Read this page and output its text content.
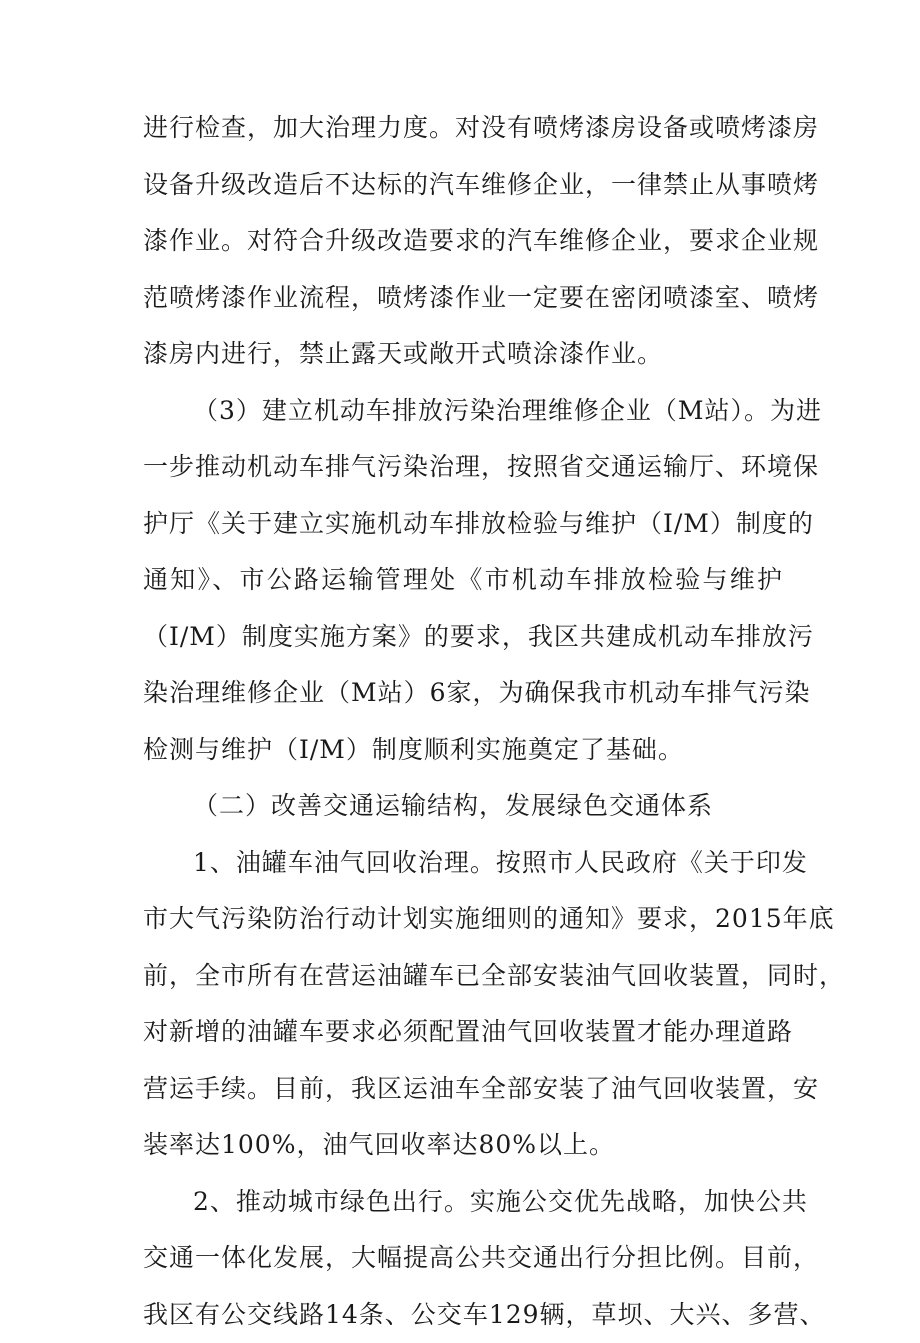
进行检查，加大治理力度。对没有喷烤漆房设备或喷烤漆房
设备升级改造后不达标的汽车维修企业，一律禁止从事喷烤
漆作业。对符合升级改造要求的汽车维修企业，要求企业规
范喷烤漆作业流程，喷烤漆作业一定要在密闭喷漆室、喷烤
漆房内进行，禁止露天或敞开式喷涂漆作业。
（3）建立机动车排放污染治理维修企业（M站）。为进
一步推动机动车排气污染治理，按照省交通运输厅、环境保
护厅《关于建立实施机动车排放检验与维护（I/M）制度的
通知》、市公路运输管理处《市机动车排放检验与维护
（I/M）制度实施方案》的要求，我区共建成机动车排放污
染治理维修企业（M站）6家，为确保我市机动车排气污染
检测与维护（I/M）制度顺利实施奠定了基础。
（二）改善交通运输结构，发展绿色交通体系
1、油罐车油气回收治理。按照市人民政府《关于印发
市大气污染防治行动计划实施细则的通知》要求，2015年底
前，全市所有在营运油罐车已全部安装油气回收装置，同时，
对新增的油罐车要求必须配置油气回收装置才能办理道路
营运手续。目前，我区运油车全部安装了油气回收装置，安
装率达100%，油气回收率达80%以上。
2、推动城市绿色出行。实施公交优先战略，加快公共
交通一体化发展，大幅提高公共交通出行分担比例。目前，
我区有公交线路14条、公交车129辆，草坝、大兴、多营、
